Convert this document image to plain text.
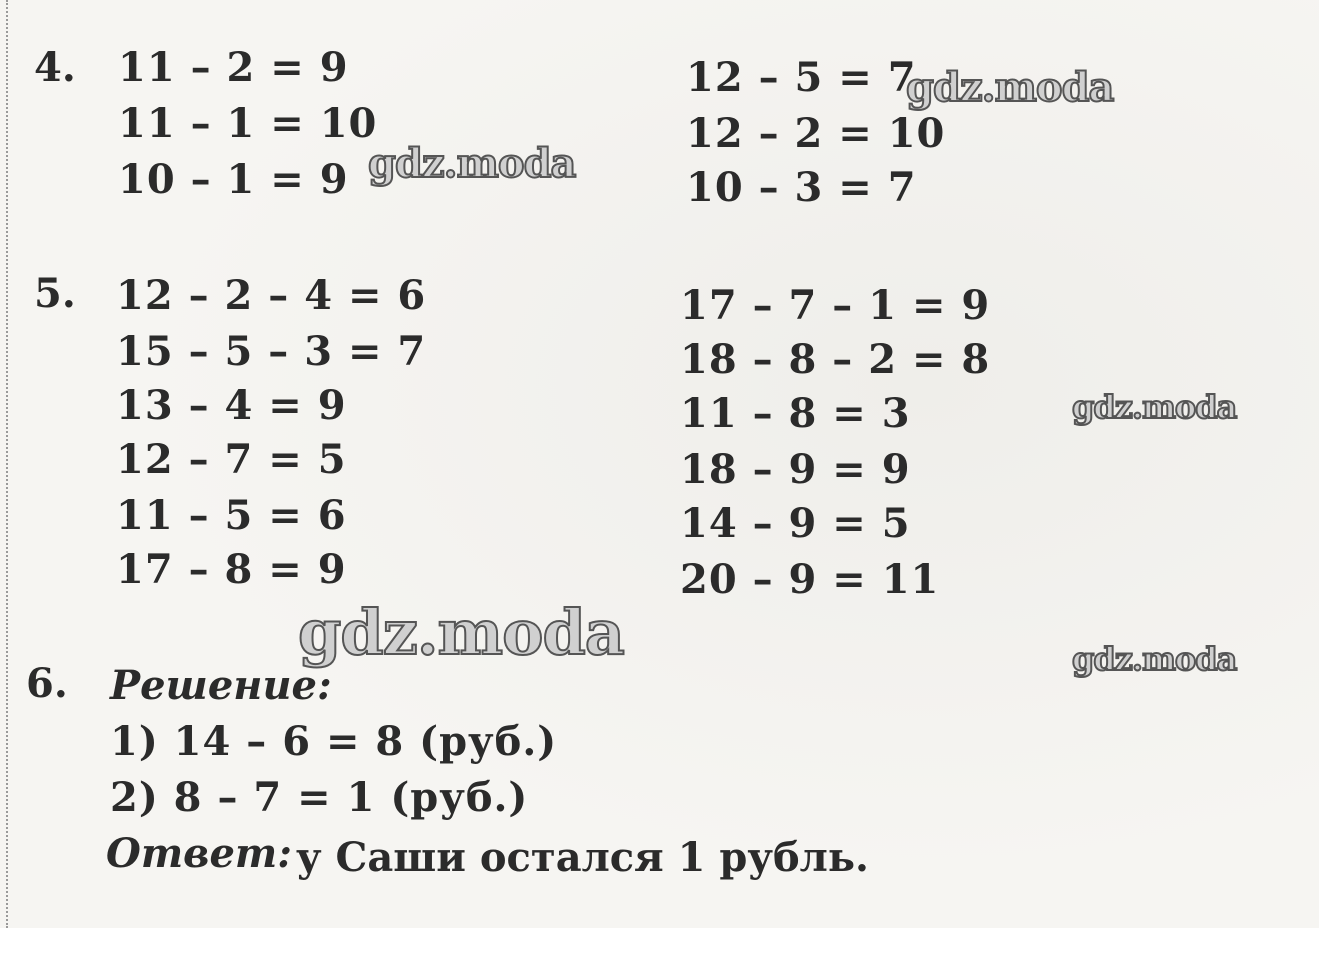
4. 11 – 2 = 9
11 – 1 = 10
10 – 1 = 9
12 – 5 = 7
12 – 2 = 10
10 – 3 = 7
5. 12 – 2 – 4 = 6
15 – 5 – 3 = 7
13 – 4 = 9
12 – 7 = 5
11 – 5 = 6
17 – 8 = 9
17 – 7 – 1 = 9
18 – 8 – 2 = 8
11 – 8 = 3
18 – 9 = 9
14 – 9 = 5
20 – 9 = 11
6. Решение:
1) 14 – 6 = 8 (руб.)
2) 8 – 7 = 1 (руб.)
Ответ: у Саши остался 1 рубль.
gdz.moda
gdz.moda
gdz.moda
gdz.moda	gdz.moda
